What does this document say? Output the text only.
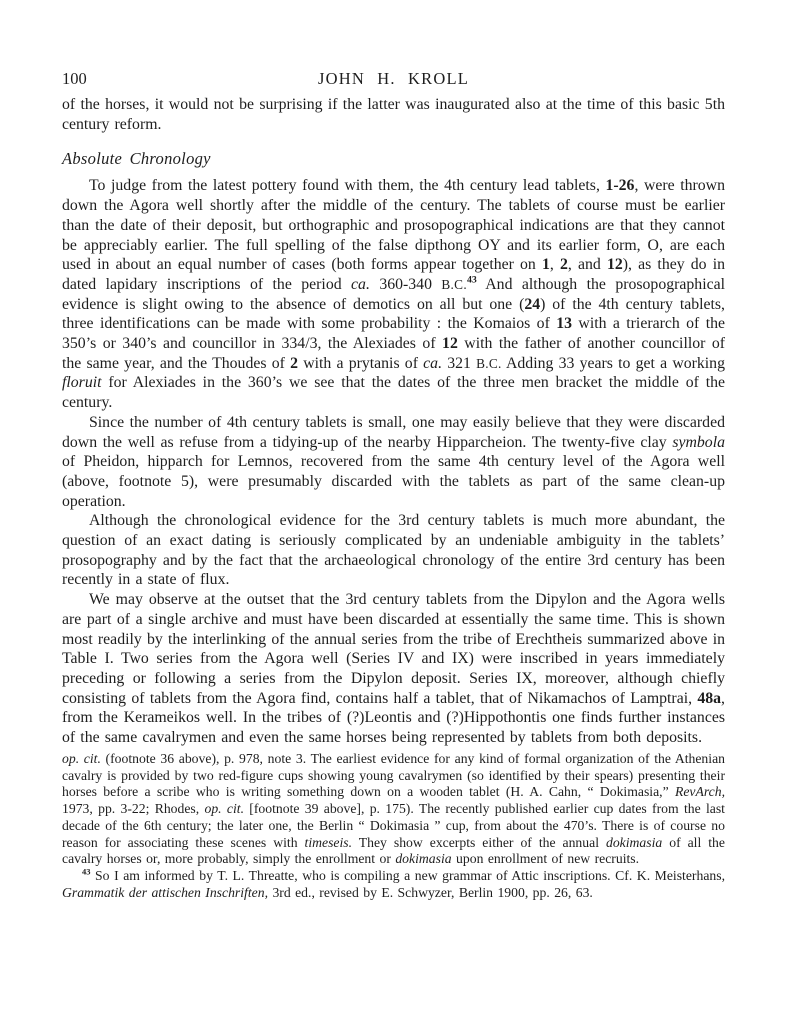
100	JOHN H. KROLL

of the horses, it would not be surprising if the latter was inaugurated also at the time of this basic 5th century reform.

Absolute Chronology

To judge from the latest pottery found with them, the 4th century lead tablets, 1-26, were thrown down the Agora well shortly after the middle of the century. The tablets of course must be earlier than the date of their deposit, but orthographic and prosopographical indications are that they cannot be appreciably earlier. The full spelling of the false dipthong OY and its earlier form, O, are each used in about an equal number of cases (both forms appear together on 1, 2, and 12), as they do in dated lapidary inscriptions of the period ca. 360-340 B.C.$^{43}$ And although the prosopographical evidence is slight owing to the absence of demotics on all but one (24) of the 4th century tablets, three identifications can be made with some probability : the Komaios of 13 with a trierarch of the 350’s or 340’s and councillor in 334/3, the Alexiades of 12 with the father of another councillor of the same year, and the Thoudes of 2 with a prytanis of ca. 321 B.C. Adding 33 years to get a working floruit for Alexiades in the 360’s we see that the dates of the three men bracket the middle of the century.

Since the number of 4th century tablets is small, one may easily believe that they were discarded down the well as refuse from a tidying-up of the nearby Hipparcheion. The twenty-five clay symbola of Pheidon, hipparch for Lemnos, recovered from the same 4th century level of the Agora well (above, footnote 5), were presumably discarded with the tablets as part of the same clean-up operation.

Although the chronological evidence for the 3rd century tablets is much more abundant, the question of an exact dating is seriously complicated by an undeniable ambiguity in the tablets’ prosopography and by the fact that the archaeological chronology of the entire 3rd century has been recently in a state of flux.

We may observe at the outset that the 3rd century tablets from the Dipylon and the Agora wells are part of a single archive and must have been discarded at essentially the same time. This is shown most readily by the interlinking of the annual series from the tribe of Erechtheis summarized above in Table I. Two series from the Agora well (Series IV and IX) were inscribed in years immediately preceding or following a series from the Dipylon deposit. Series IX, moreover, although chiefly consisting of tablets from the Agora find, contains half a tablet, that of Nikamachos of Lamptrai, 48a, from the Kerameikos well. In the tribes of (?)Leontis and (?)Hippothontis one finds further instances of the same cavalrymen and even the same horses being represented by tablets from both deposits.

op. cit. (footnote 36 above), p. 978, note 3. The earliest evidence for any kind of formal organization of the Athenian cavalry is provided by two red-figure cups showing young cavalrymen (so identified by their spears) presenting their horses before a scribe who is writing something down on a wooden tablet (H. A. Cahn, “ Dokimasia,” RevArch, 1973, pp. 3-22; Rhodes, op. cit. [footnote 39 above], p. 175). The recently published earlier cup dates from the last decade of the 6th century; the later one, the Berlin “ Dokimasia ” cup, from about the 470’s. There is of course no reason for associating these scenes with timeseis. They show excerpts either of the annual dokimasia of all the cavalry horses or, more probably, simply the enrollment or dokimasia upon enrollment of new recruits.

$^{43}$ So I am informed by T. L. Threatte, who is compiling a new grammar of Attic inscriptions. Cf. K. Meisterhans, Grammatik der attischen Inschriften, 3rd ed., revised by E. Schwyzer, Berlin 1900, pp. 26, 63.
